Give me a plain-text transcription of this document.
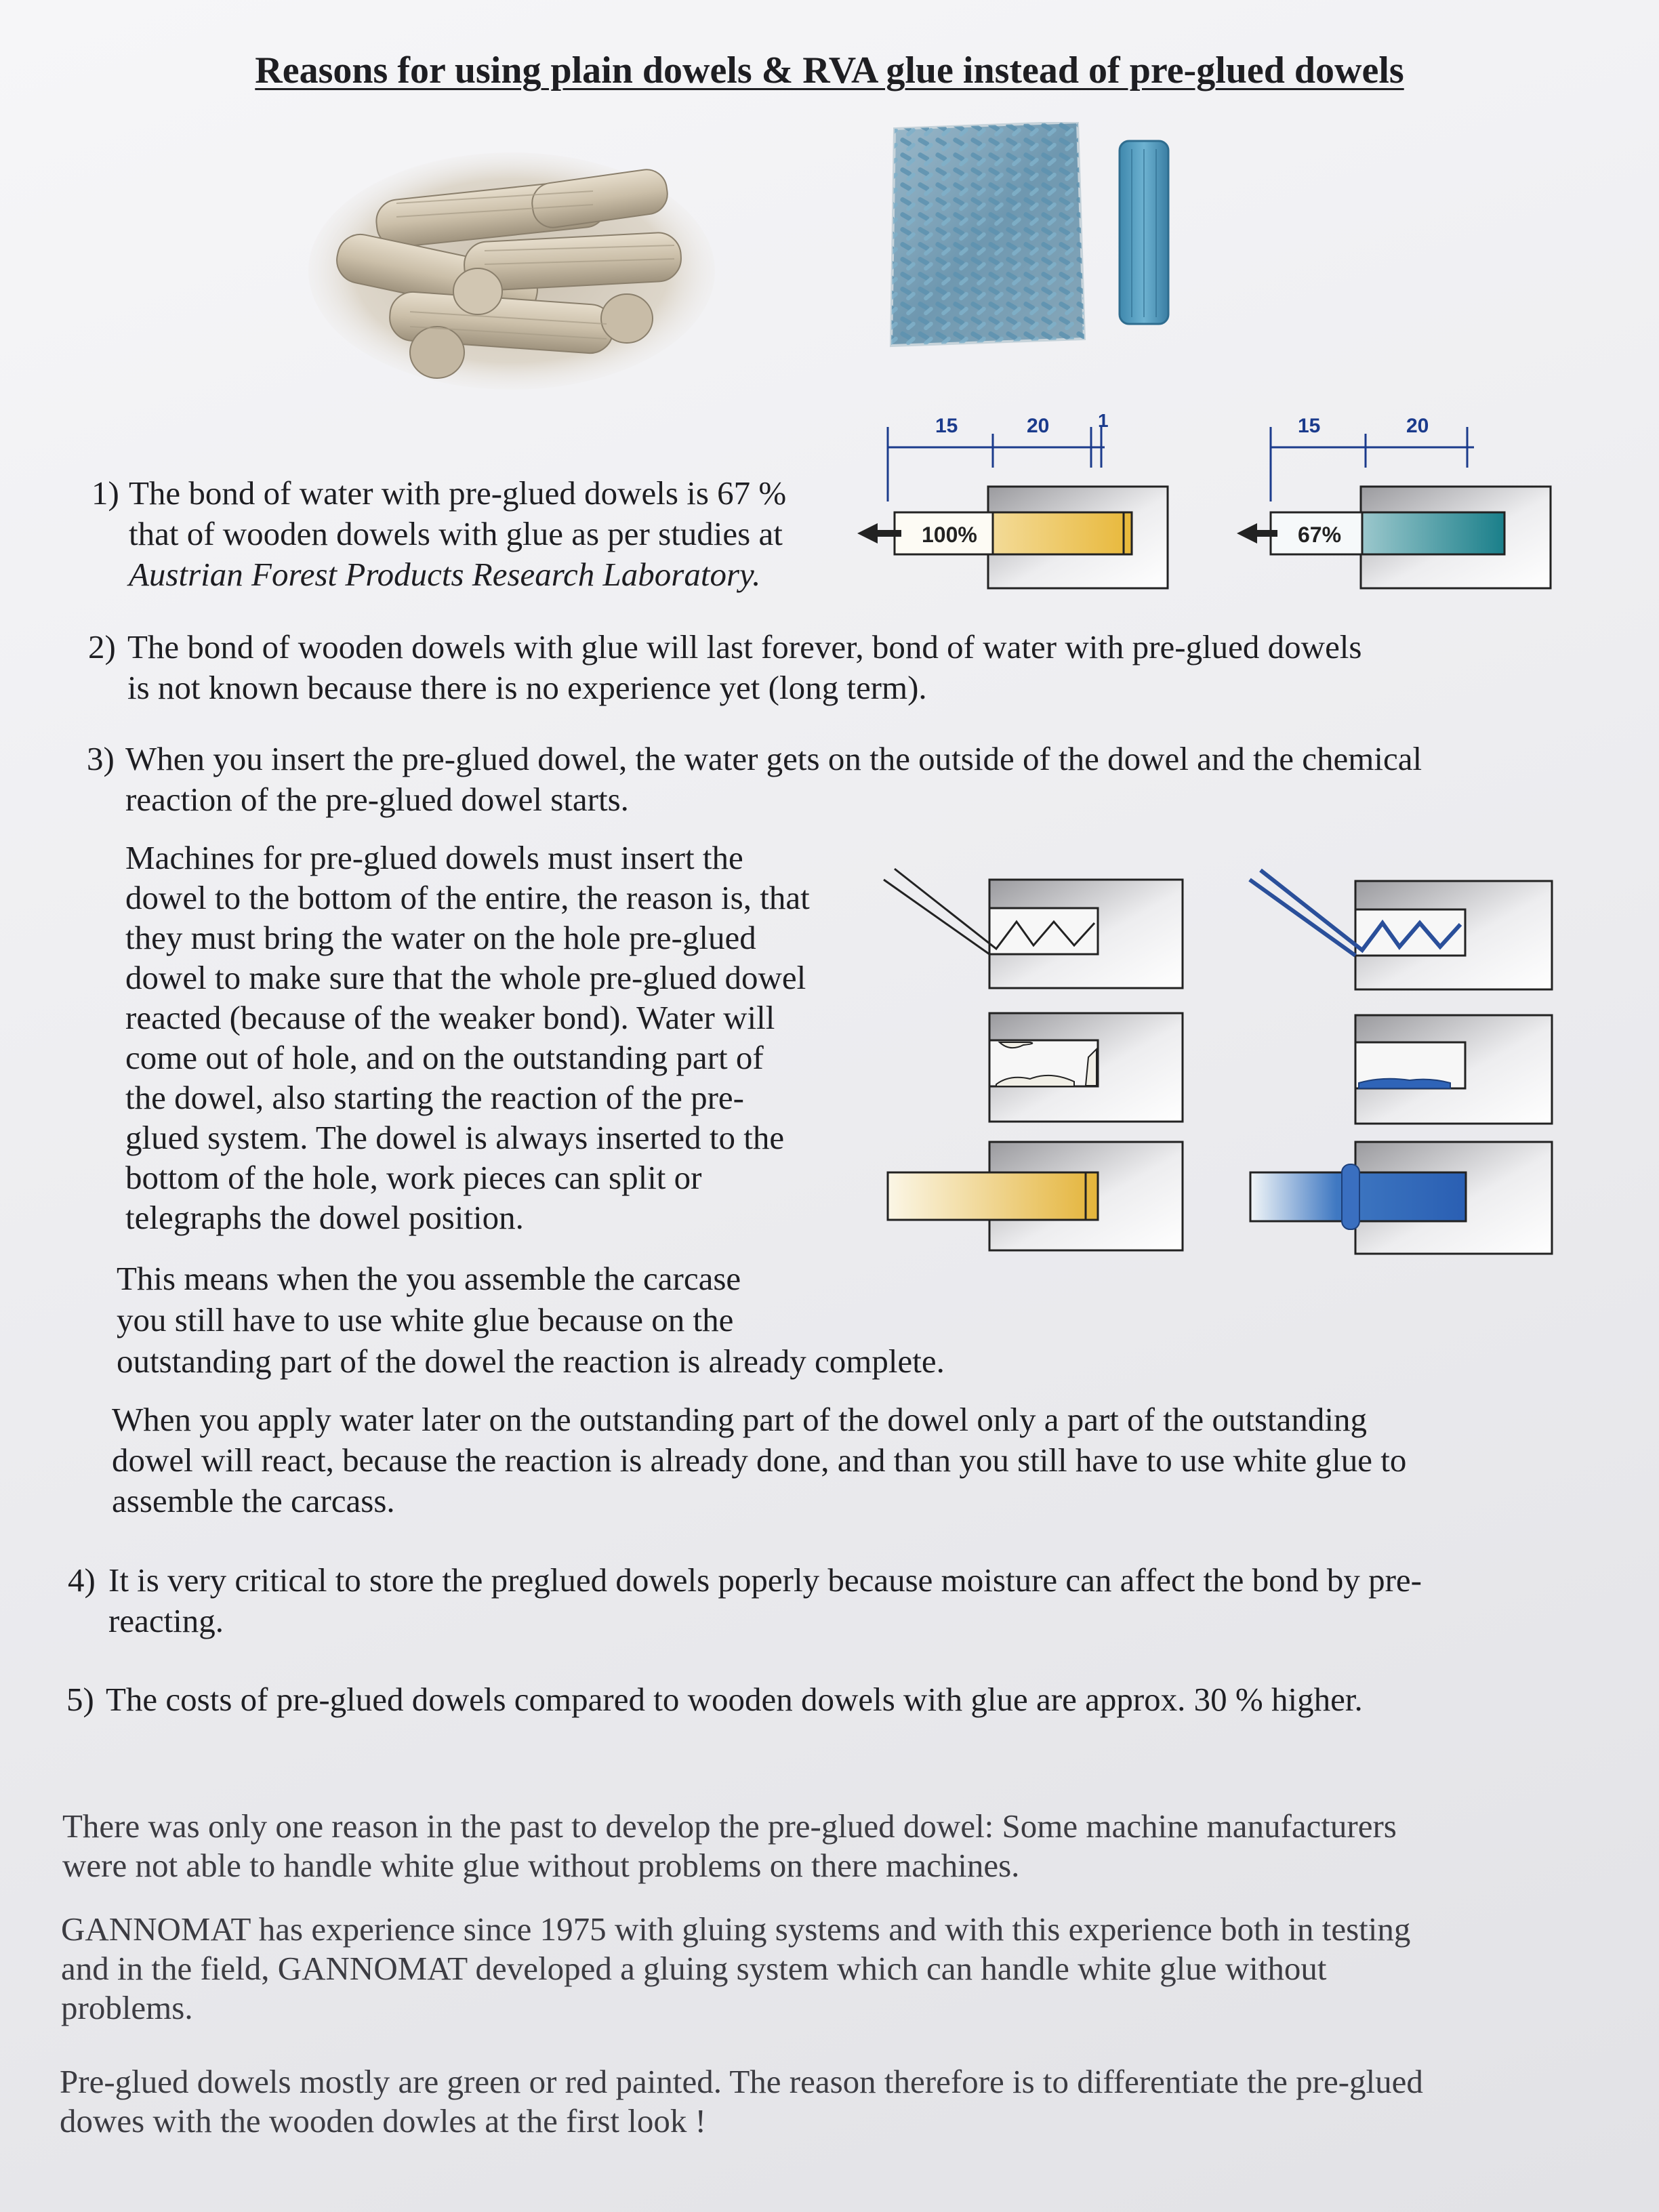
Reasons for using plain dowels & RVA glue instead of pre-glued dowels
15	20	1
100%
15	20
67%
1) The bond of water with pre-glued dowels is 67 %
that of wooden dowels with glue as per studies at
Austrian Forest Products Research Laboratory.
2) The bond of wooden dowels with glue will last forever, bond of water with pre-glued dowels
is not known because there is no experience yet (long term).
3) When you insert the pre-glued dowel, the water gets on the outside of the dowel and the chemical
reaction of the pre-glued dowel starts.
Machines for pre-glued dowels must insert the
dowel to the bottom of the entire, the reason is, that
they must bring the water on the hole pre-glued
dowel to make sure that the whole pre-glued dowel
reacted (because of the weaker bond). Water will
come out of hole, and on the outstanding part of
the dowel, also starting the reaction of the pre-
glued system. The dowel is always inserted to the
bottom of the hole, work pieces can split or
telegraphs the dowel position.
This means when the you assemble the carcase
you still have to use white glue because on the
outstanding part of the dowel the reaction is already complete.
When you apply water later on the outstanding part of the dowel only a part of the outstanding
dowel will react, because the reaction is already done, and than you still have to use white glue to
assemble the carcass.
4) It is very critical to store the preglued dowels poperly because moisture can affect the bond by pre-
reacting.
5) The costs of pre-glued dowels compared to wooden dowels with glue are approx. 30 % higher.
There was only one reason in the past to develop the pre-glued dowel: Some machine manufacturers
were not able to handle white glue without problems on there machines.
GANNOMAT has experience since 1975 with gluing systems and with this experience both in testing
and in the field, GANNOMAT developed a gluing system which can handle white glue without
problems.
Pre-glued dowels mostly are green or red painted. The reason therefore is to differentiate the pre-glued
dowes with the wooden dowles at the first look !
